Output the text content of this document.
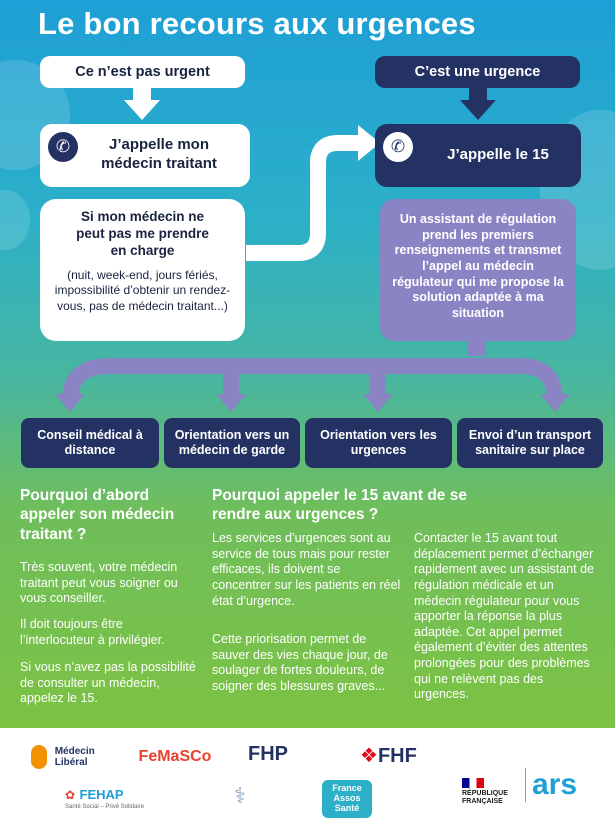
Le bon recours aux urgences
Ce n’est pas urgent
✆	J’appelle mon médecin traitant
Si mon médecin ne peut pas me prendre en charge
(nuit, week-end, jours fériés, impossibilité d’obtenir un rendez-vous, pas de médecin traitant...)
C’est une urgence
✆	J’appelle le 15
Un assistant de régulation prend les premiers renseignements et transmet l’appel au médecin régulateur qui me propose la solution adaptée à ma situation
Conseil médical à distance
Orientation vers un médecin de garde
Orientation vers les urgences
Envoi d’un transport sanitaire sur place
Pourquoi d’abord appeler son médecin traitant ?

Très souvent, votre médecin traitant peut vous soigner ou vous conseiller.

Il doit toujours être l’interlocuteur à privilégier.

Si vous n’avez pas la possibilité de consulter un médecin, appelez le 15.

Pourquoi appeler le 15 avant de se rendre aux urgences ?

Les services d’urgences sont au service de tous mais pour rester efficaces, ils doivent se concentrer sur les patients en réel état d’urgence.

Cette priorisation permet de sauver des vies chaque jour, de soulager de fortes douleurs, de soigner des blessures graves...

Contacter le 15 avant tout déplacement permet d’échanger rapidement avec un assistant de régulation médicale et un médecin régulateur pour vous apporter la réponse la plus adaptée. Cet appel permet également d’éviter des attentes prolongées pour des problèmes qui ne relèvent pas des urgences.

Médecin Libéral	FeMaSCo	FHP	❖FHF
✿ FEHAP
Santé Social – Privé Solidaire	⚕	France Assos Santé
RÉPUBLIQUE FRANÇAISE
ars
